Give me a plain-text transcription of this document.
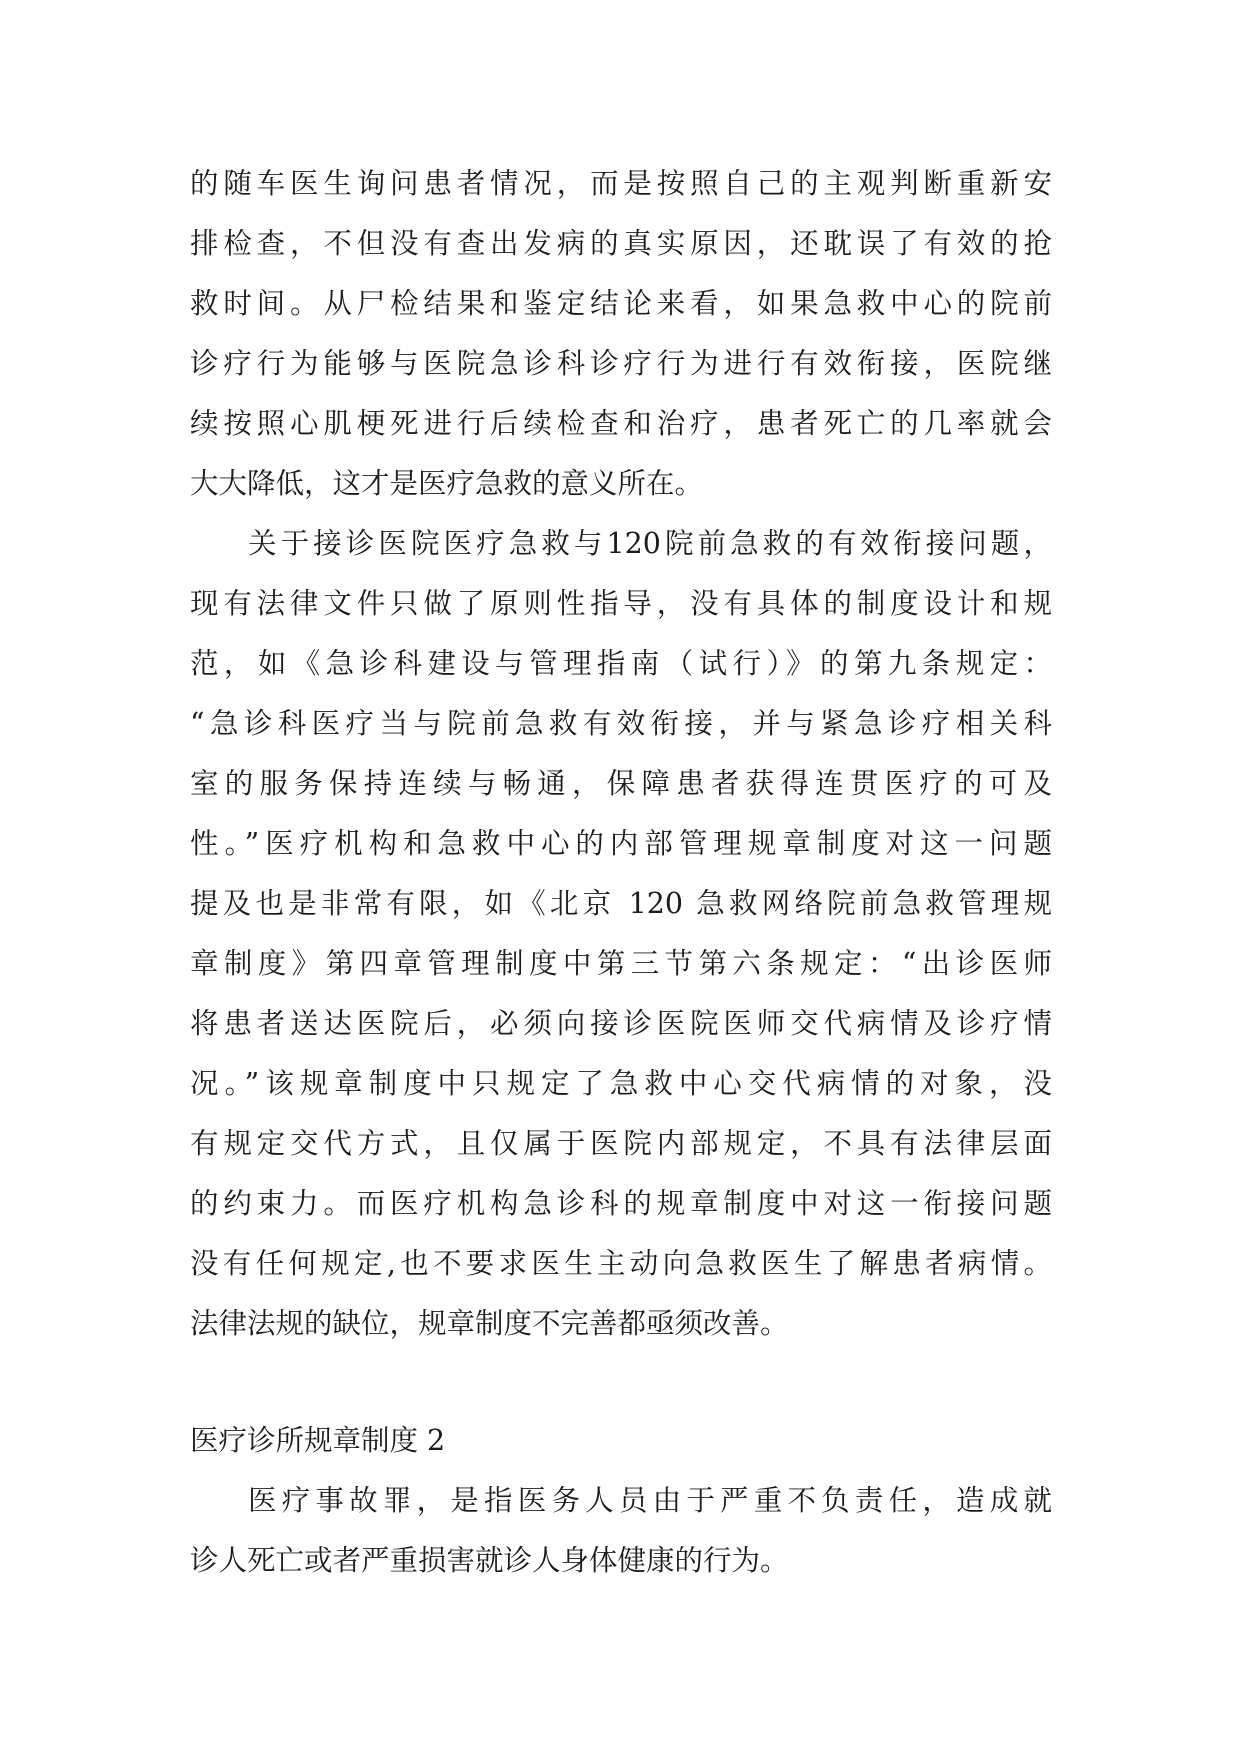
的随车医生询问患者情况，而是按照自己的主观判断重新安
排检查，不但没有查出发病的真实原因，还耽误了有效的抢
救时间。从尸检结果和鉴定结论来看，如果急救中心的院前
诊疗行为能够与医院急诊科诊疗行为进行有效衔接，医院继
续按照心肌梗死进行后续检查和治疗，患者死亡的几率就会
大大降低，这才是医疗急救的意义所在。
关于接诊医院医疗急救与120院前急救的有效衔接问题，
现有法律文件只做了原则性指导，没有具体的制度设计和规
范，如《急诊科建设与管理指南（试行）》的第九条规定：
“急诊科医疗当与院前急救有效衔接，并与紧急诊疗相关科
室的服务保持连续与畅通，保障患者获得连贯医疗的可及
性。”医疗机构和急救中心的内部管理规章制度对这一问题
提及也是非常有限，如《北京 120 急救网络院前急救管理规
章制度》第四章管理制度中第三节第六条规定：“出诊医师
将患者送达医院后，必须向接诊医院医师交代病情及诊疗情
况。”该规章制度中只规定了急救中心交代病情的对象，没
有规定交代方式，且仅属于医院内部规定，不具有法律层面
的约束力。而医疗机构急诊科的规章制度中对这一衔接问题
没有任何规定,也不要求医生主动向急救医生了解患者病情。
法律法规的缺位，规章制度不完善都亟须改善。
医疗诊所规章制度 2
医疗事故罪，是指医务人员由于严重不负责任，造成就
诊人死亡或者严重损害就诊人身体健康的行为。
